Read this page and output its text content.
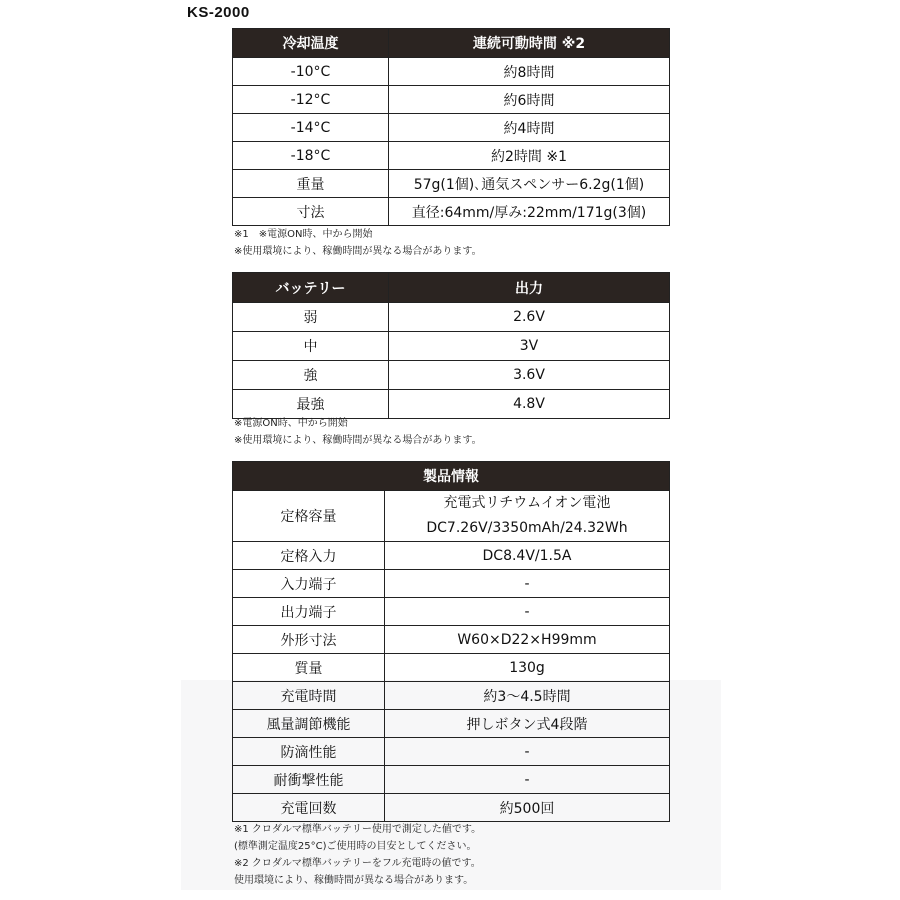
KS-2000
冷却温度	連続可動時間 ※2
-10°C	約8時間
-12°C	約6時間
-14°C	約4時間
-18°C	約2時間 ※1
重量	57g(1個)､通気スペンサー6.2g(1個)
寸法	直径:64mm/厚み:22mm/171g(3個)
※1　※電源ON時、中から開始
※使用環境により、稼働時間が異なる場合があります。
バッテリー	出力
弱	2.6V
中	3V
強	3.6V
最強	4.8V
※電源ON時、中から開始
※使用環境により、稼働時間が異なる場合があります。
製品情報	
定格容量	充電式リチウムイオン電池
DC7.26V/3350mAh/24.32Wh

定格入力	DC8.4V/1.5A
入力端子	-
出力端子	-
外形寸法	W60×D22×H99mm
質量	130g
充電時間	約3～4.5時間
風量調節機能	押しボタン式4段階
防滴性能	-
耐衝撃性能	-
充電回数	約500回
※1 クロダルマ標準バッテリー使用で測定した値です。
(標準測定温度25°C)ご使用時の目安としてください。
※2 クロダルマ標準バッテリーをフル充電時の値です。
使用環境により、稼働時間が異なる場合があります。
